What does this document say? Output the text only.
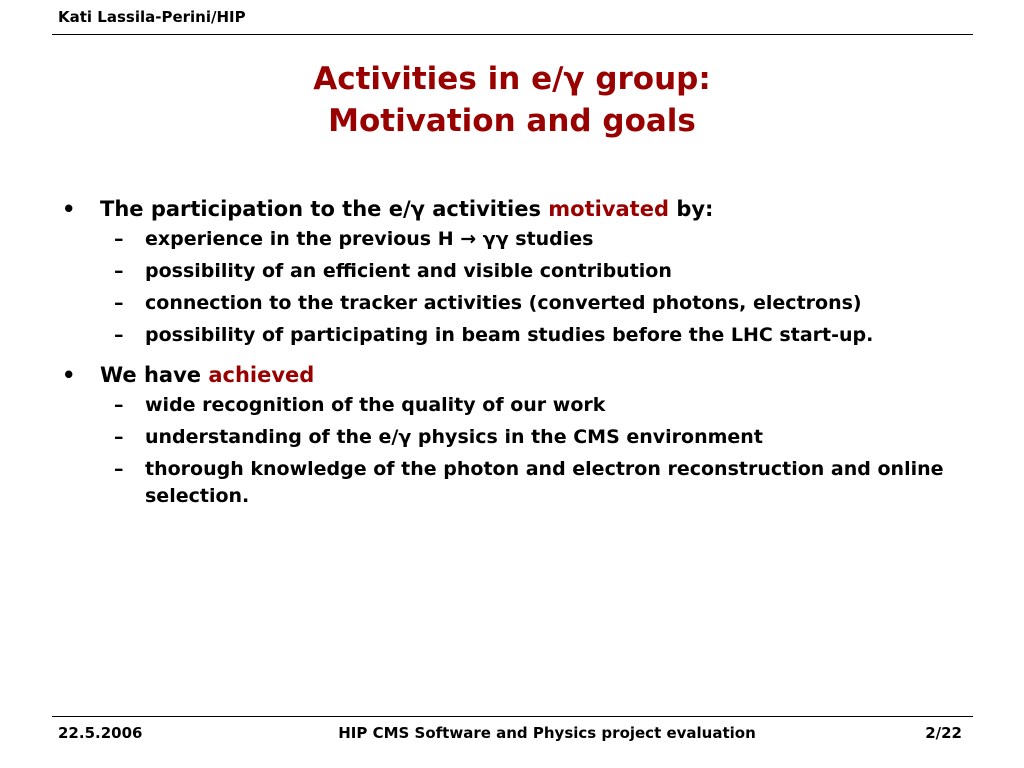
Kati Lassila-Perini/HIP
Activities in e/γ group:
Motivation and goals
• The participation to the e/γ activities motivated by:
– experience in the previous H → γγ studies
– possibility of an efficient and visible contribution
– connection to the tracker activities (converted photons, electrons)
– possibility of participating in beam studies before the LHC start-up.
• We have achieved
– wide recognition of the quality of our work
– understanding of the e/γ physics in the CMS environment
– thorough knowledge of the photon and electron reconstruction and online selection.
22.5.2006	HIP CMS Software and Physics project evaluation	2/22
